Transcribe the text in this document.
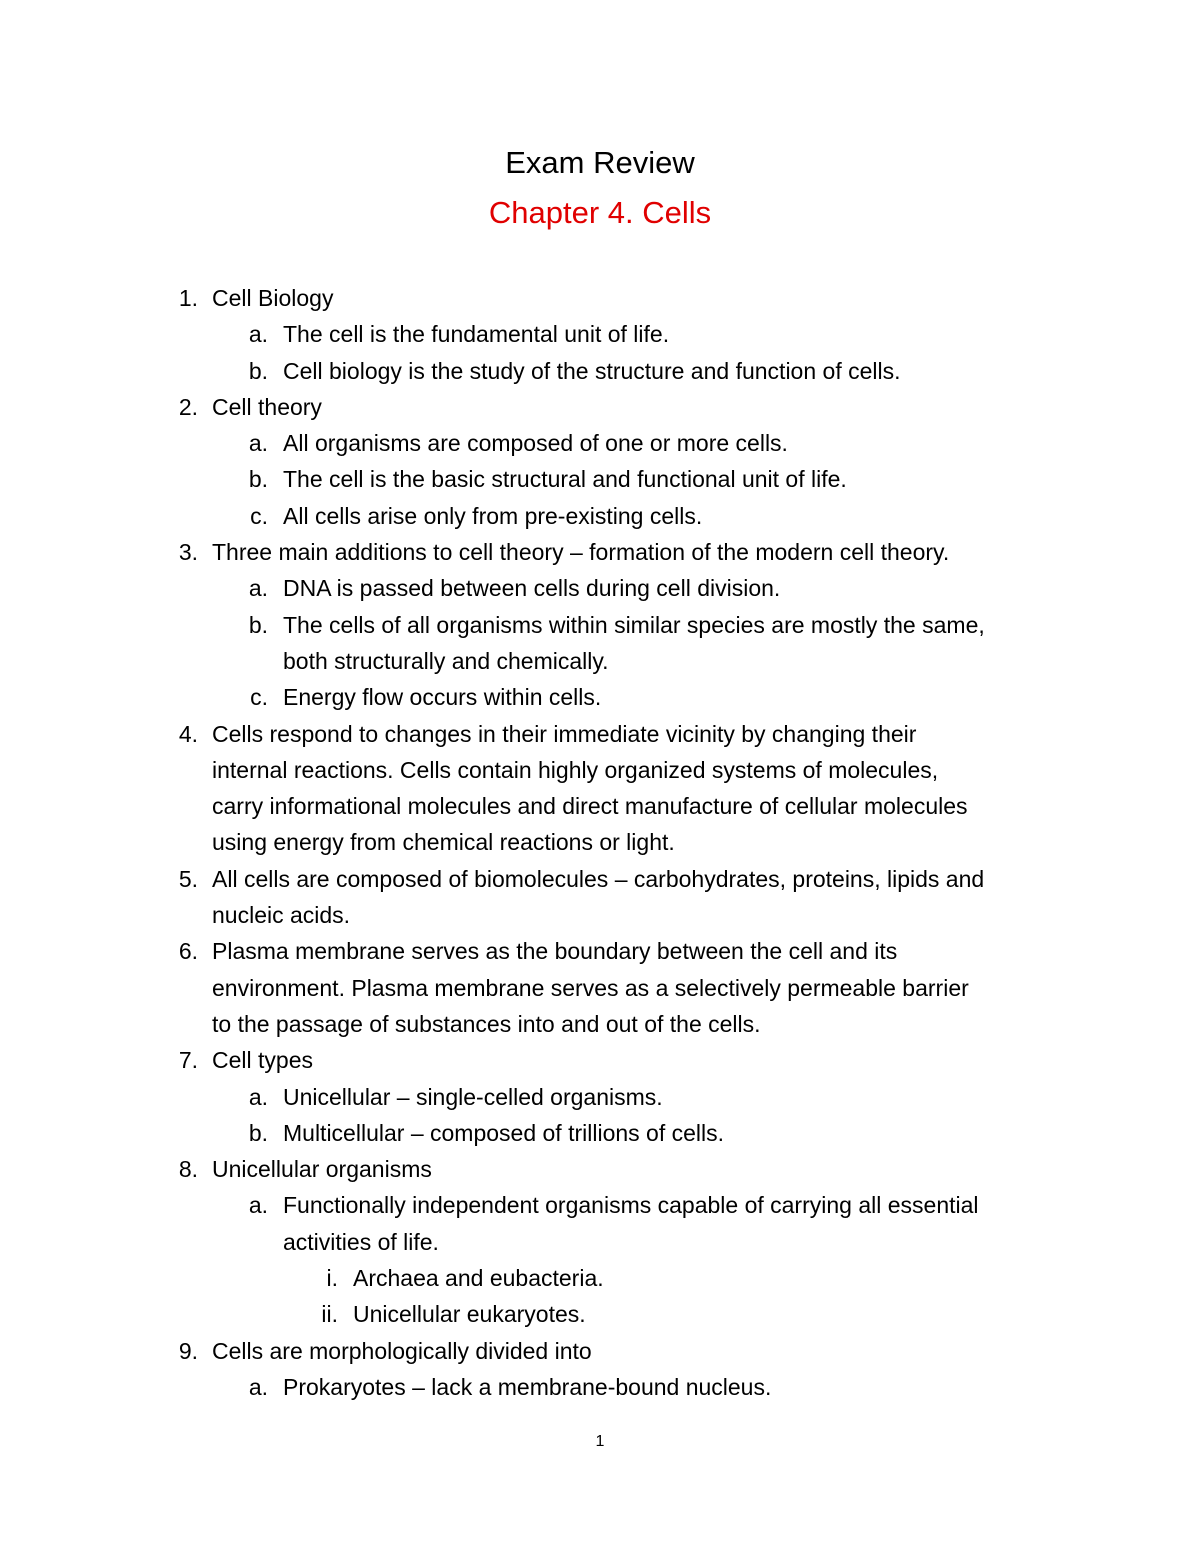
Exam Review
Chapter 4. Cells
1. Cell Biology
a. The cell is the fundamental unit of life.
b. Cell biology is the study of the structure and function of cells.
2. Cell theory
a. All organisms are composed of one or more cells.
b. The cell is the basic structural and functional unit of life.
c. All cells arise only from pre-existing cells.
3. Three main additions to cell theory – formation of the modern cell theory.
a. DNA is passed between cells during cell division.
b. The cells of all organisms within similar species are mostly the same,
both structurally and chemically.
c. Energy flow occurs within cells.
4. Cells respond to changes in their immediate vicinity by changing their
internal reactions. Cells contain highly organized systems of molecules,
carry informational molecules and direct manufacture of cellular molecules
using energy from chemical reactions or light.
5. All cells are composed of biomolecules – carbohydrates, proteins, lipids and
nucleic acids.
6. Plasma membrane serves as the boundary between the cell and its
environment. Plasma membrane serves as a selectively permeable barrier
to the passage of substances into and out of the cells.
7. Cell types
a. Unicellular – single-celled organisms.
b. Multicellular – composed of trillions of cells.
8. Unicellular organisms
a. Functionally independent organisms capable of carrying all essential
activities of life.
i. Archaea and eubacteria.
ii. Unicellular eukaryotes.
9. Cells are morphologically divided into
a. Prokaryotes – lack a membrane-bound nucleus.
1
